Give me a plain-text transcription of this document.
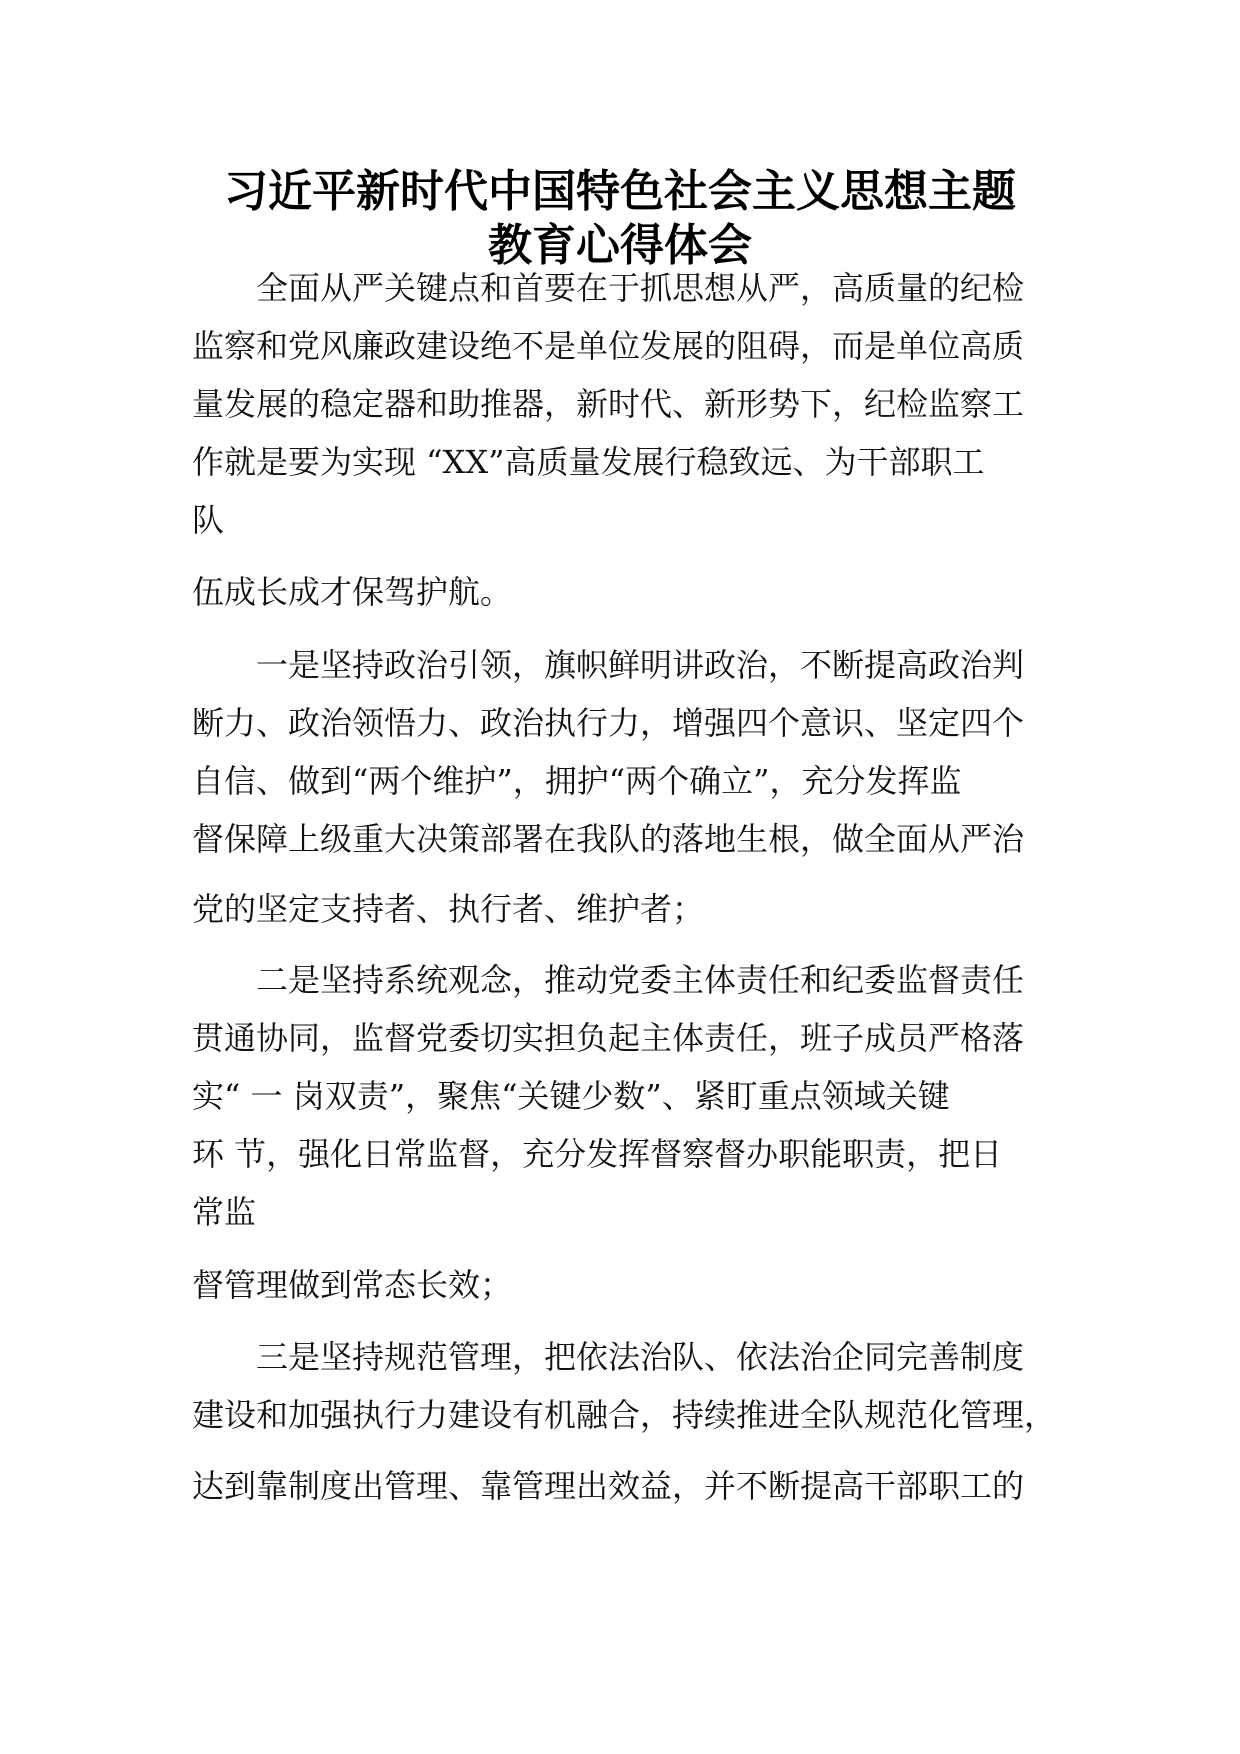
习近平新时代中国特色社会主义思想主题
教育心得体会
全面从严关键点和首要在于抓思想从严，高质量的纪检
监察和党风廉政建设绝不是单位发展的阻碍，而是单位高质
量发展的稳定器和助推器，新时代、新形势下，纪检监察工
作就是要为实现 “XX”高质量发展行稳致远、为干部职工
队
伍成长成才保驾护航。
一是坚持政治引领，旗帜鲜明讲政治，不断提高政治判
断力、政治领悟力、政治执行力，增强四个意识、坚定四个
自信、做到“两个维护”，拥护“两个确立”，充分发挥监
督保障上级重大决策部署在我队的落地生根，做全面从严治
党的坚定支持者、执行者、维护者；
二是坚持系统观念，推动党委主体责任和纪委监督责任
贯通协同，监督党委切实担负起主体责任，班子成员严格落
实“ 一 岗双责”，聚焦“关键少数”、紧盯重点领域关键
环 节，强化日常监督，充分发挥督察督办职能职责，把日
常监
督管理做到常态长效；
三是坚持规范管理，把依法治队、依法治企同完善制度
建设和加强执行力建设有机融合，持续推进全队规范化管理，
达到靠制度出管理、靠管理出效益，并不断提高干部职工的
